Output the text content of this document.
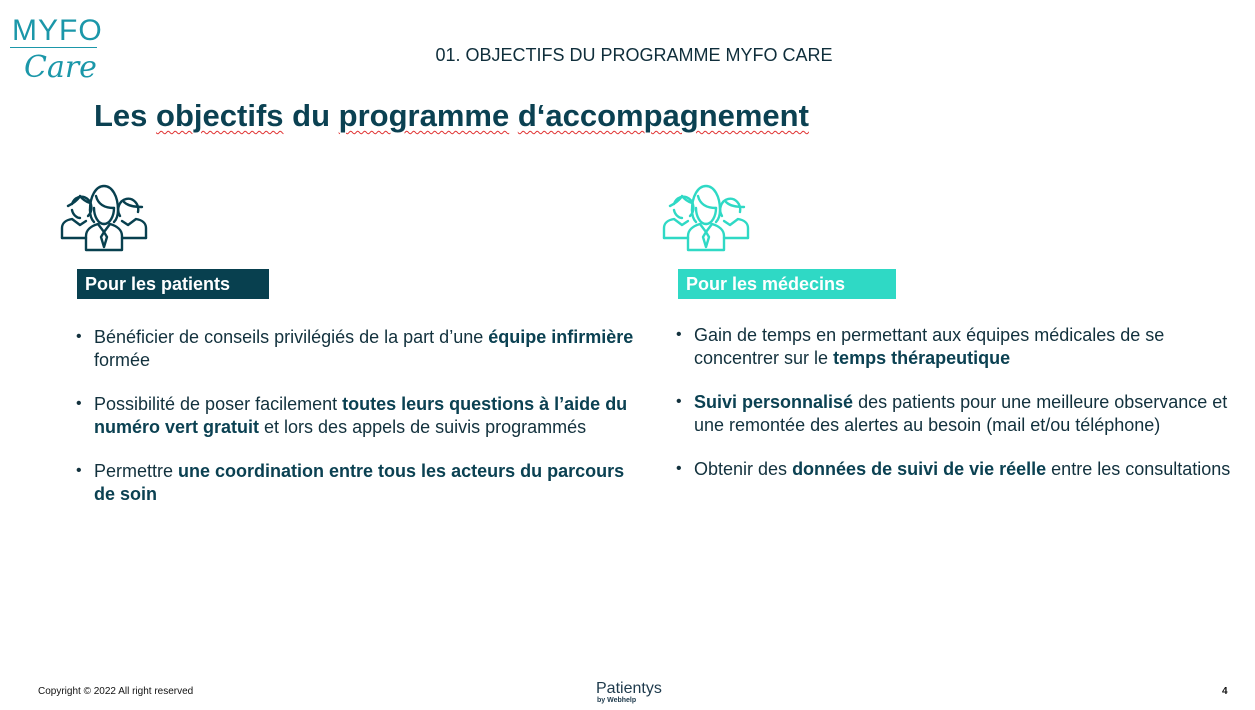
MYFO
Care	01. OBJECTIFS DU PROGRAMME MYFO CARE
Les objectifs du programme d‘accompagnement
Pour les patients	Pour les médecins
• Bénéficier de conseils privilégiés de la part d’une équipe infirmière formée
• Possibilité de poser facilement toutes leurs questions à l’aide du numéro vert gratuit et lors des appels de suivis programmés
• Permettre une coordination entre tous les acteurs du parcours de soin
• Gain de temps en permettant aux équipes médicales de se concentrer sur le temps thérapeutique
• Suivi personnalisé des patients pour une meilleure observance et une remontée des alertes au besoin (mail et/ou téléphone)
• Obtenir des données de suivi de vie réelle entre les consultations
Copyright © 2022 All right reserved	Patientys
by Webhelp
4
